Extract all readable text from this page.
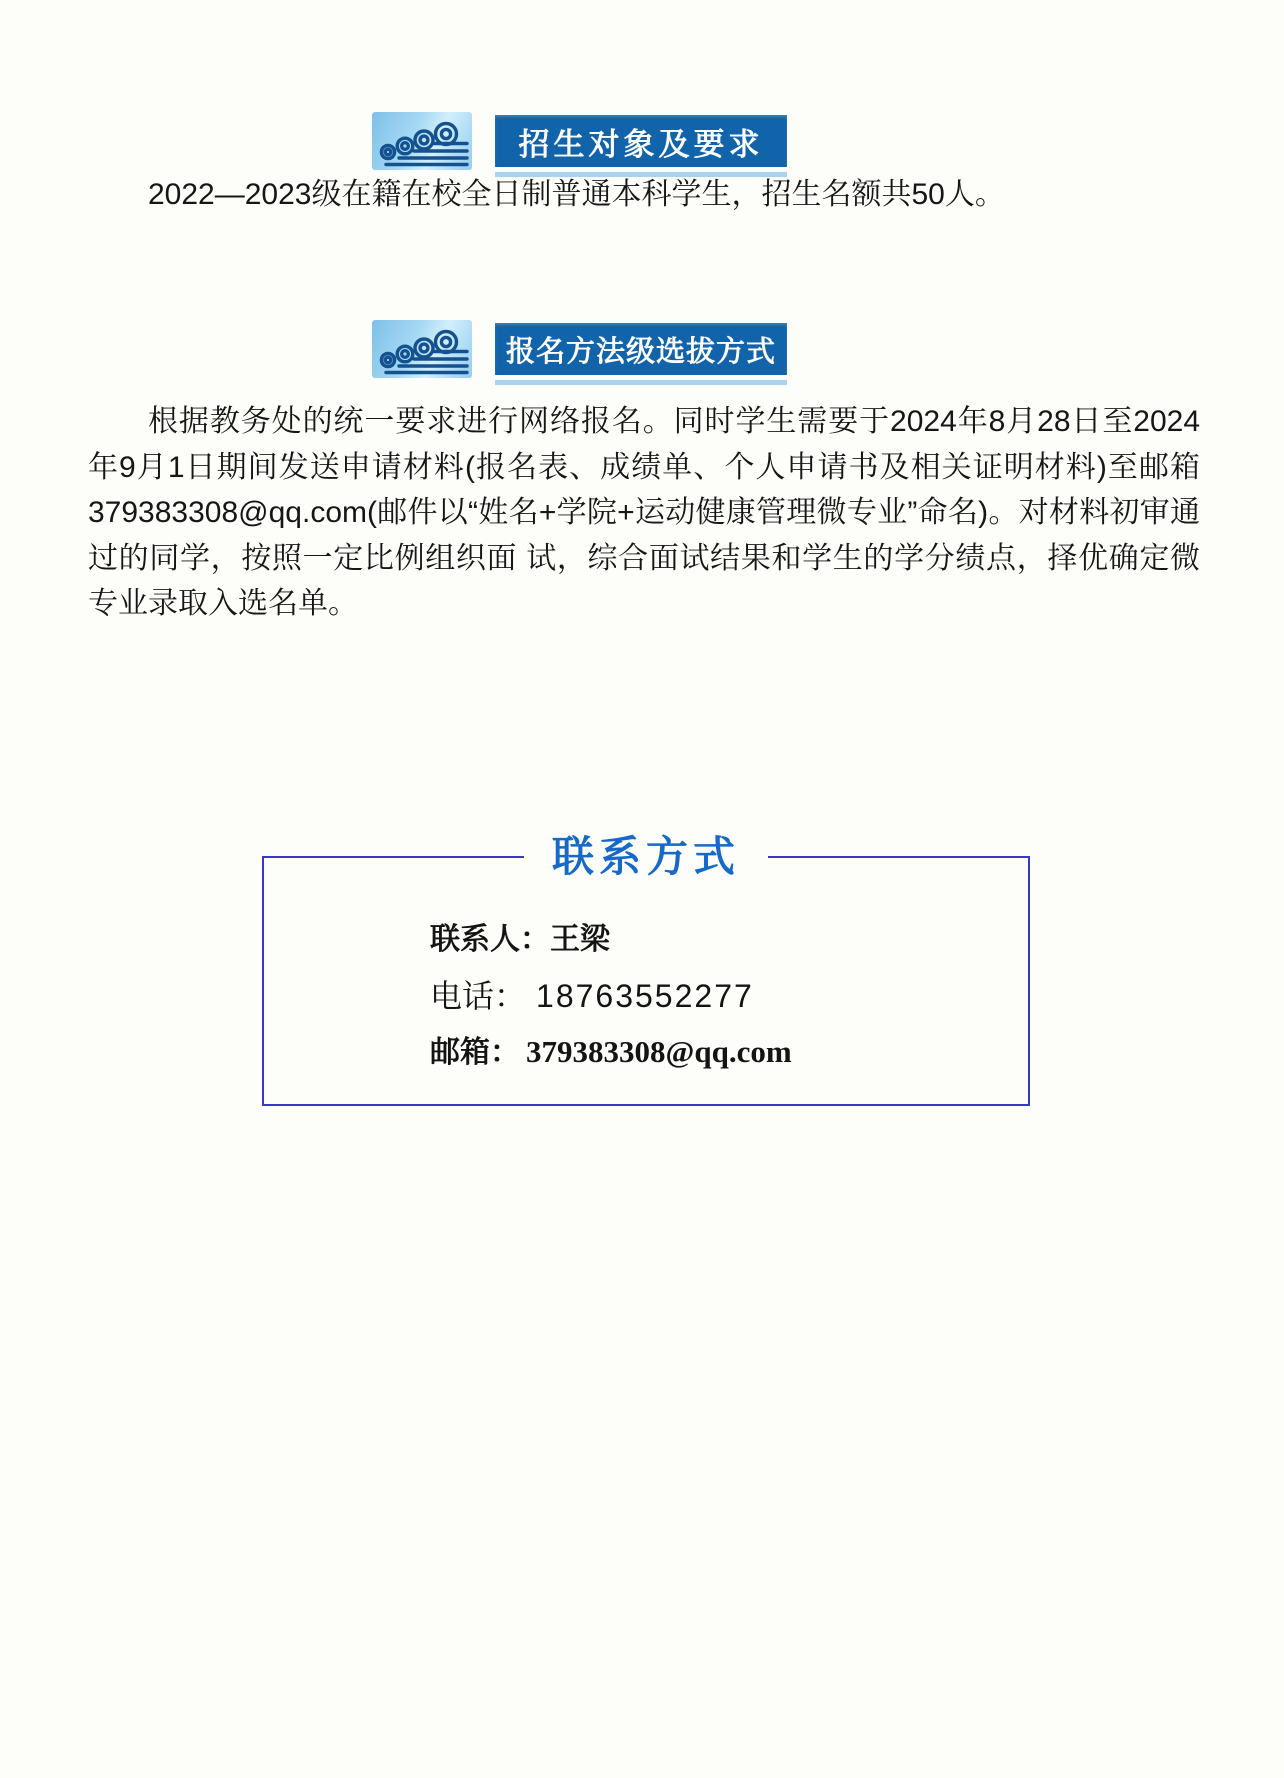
招生对象及要求
2022—2023级在籍在校全日制普通本科学生，招生名额共50人。
报名方法级选拔方式
根据教务处的统一要求进行网络报名。同时学生需要于2024年8月28日至2024年9月1日期间发送申请材料(报名表、成绩单、个人申请书及相关证明材料)至邮箱379383308@qq.com(邮件以“姓名+学院+运动健康管理微专业”命名)。对材料初审通过的同学，按照一定比例组织面 试，综合面试结果和学生的学分绩点，择优确定微专业录取入选名单。
联系方式
联系人：王梁
电话： 18763552277
邮箱： 379383308@qq.com
